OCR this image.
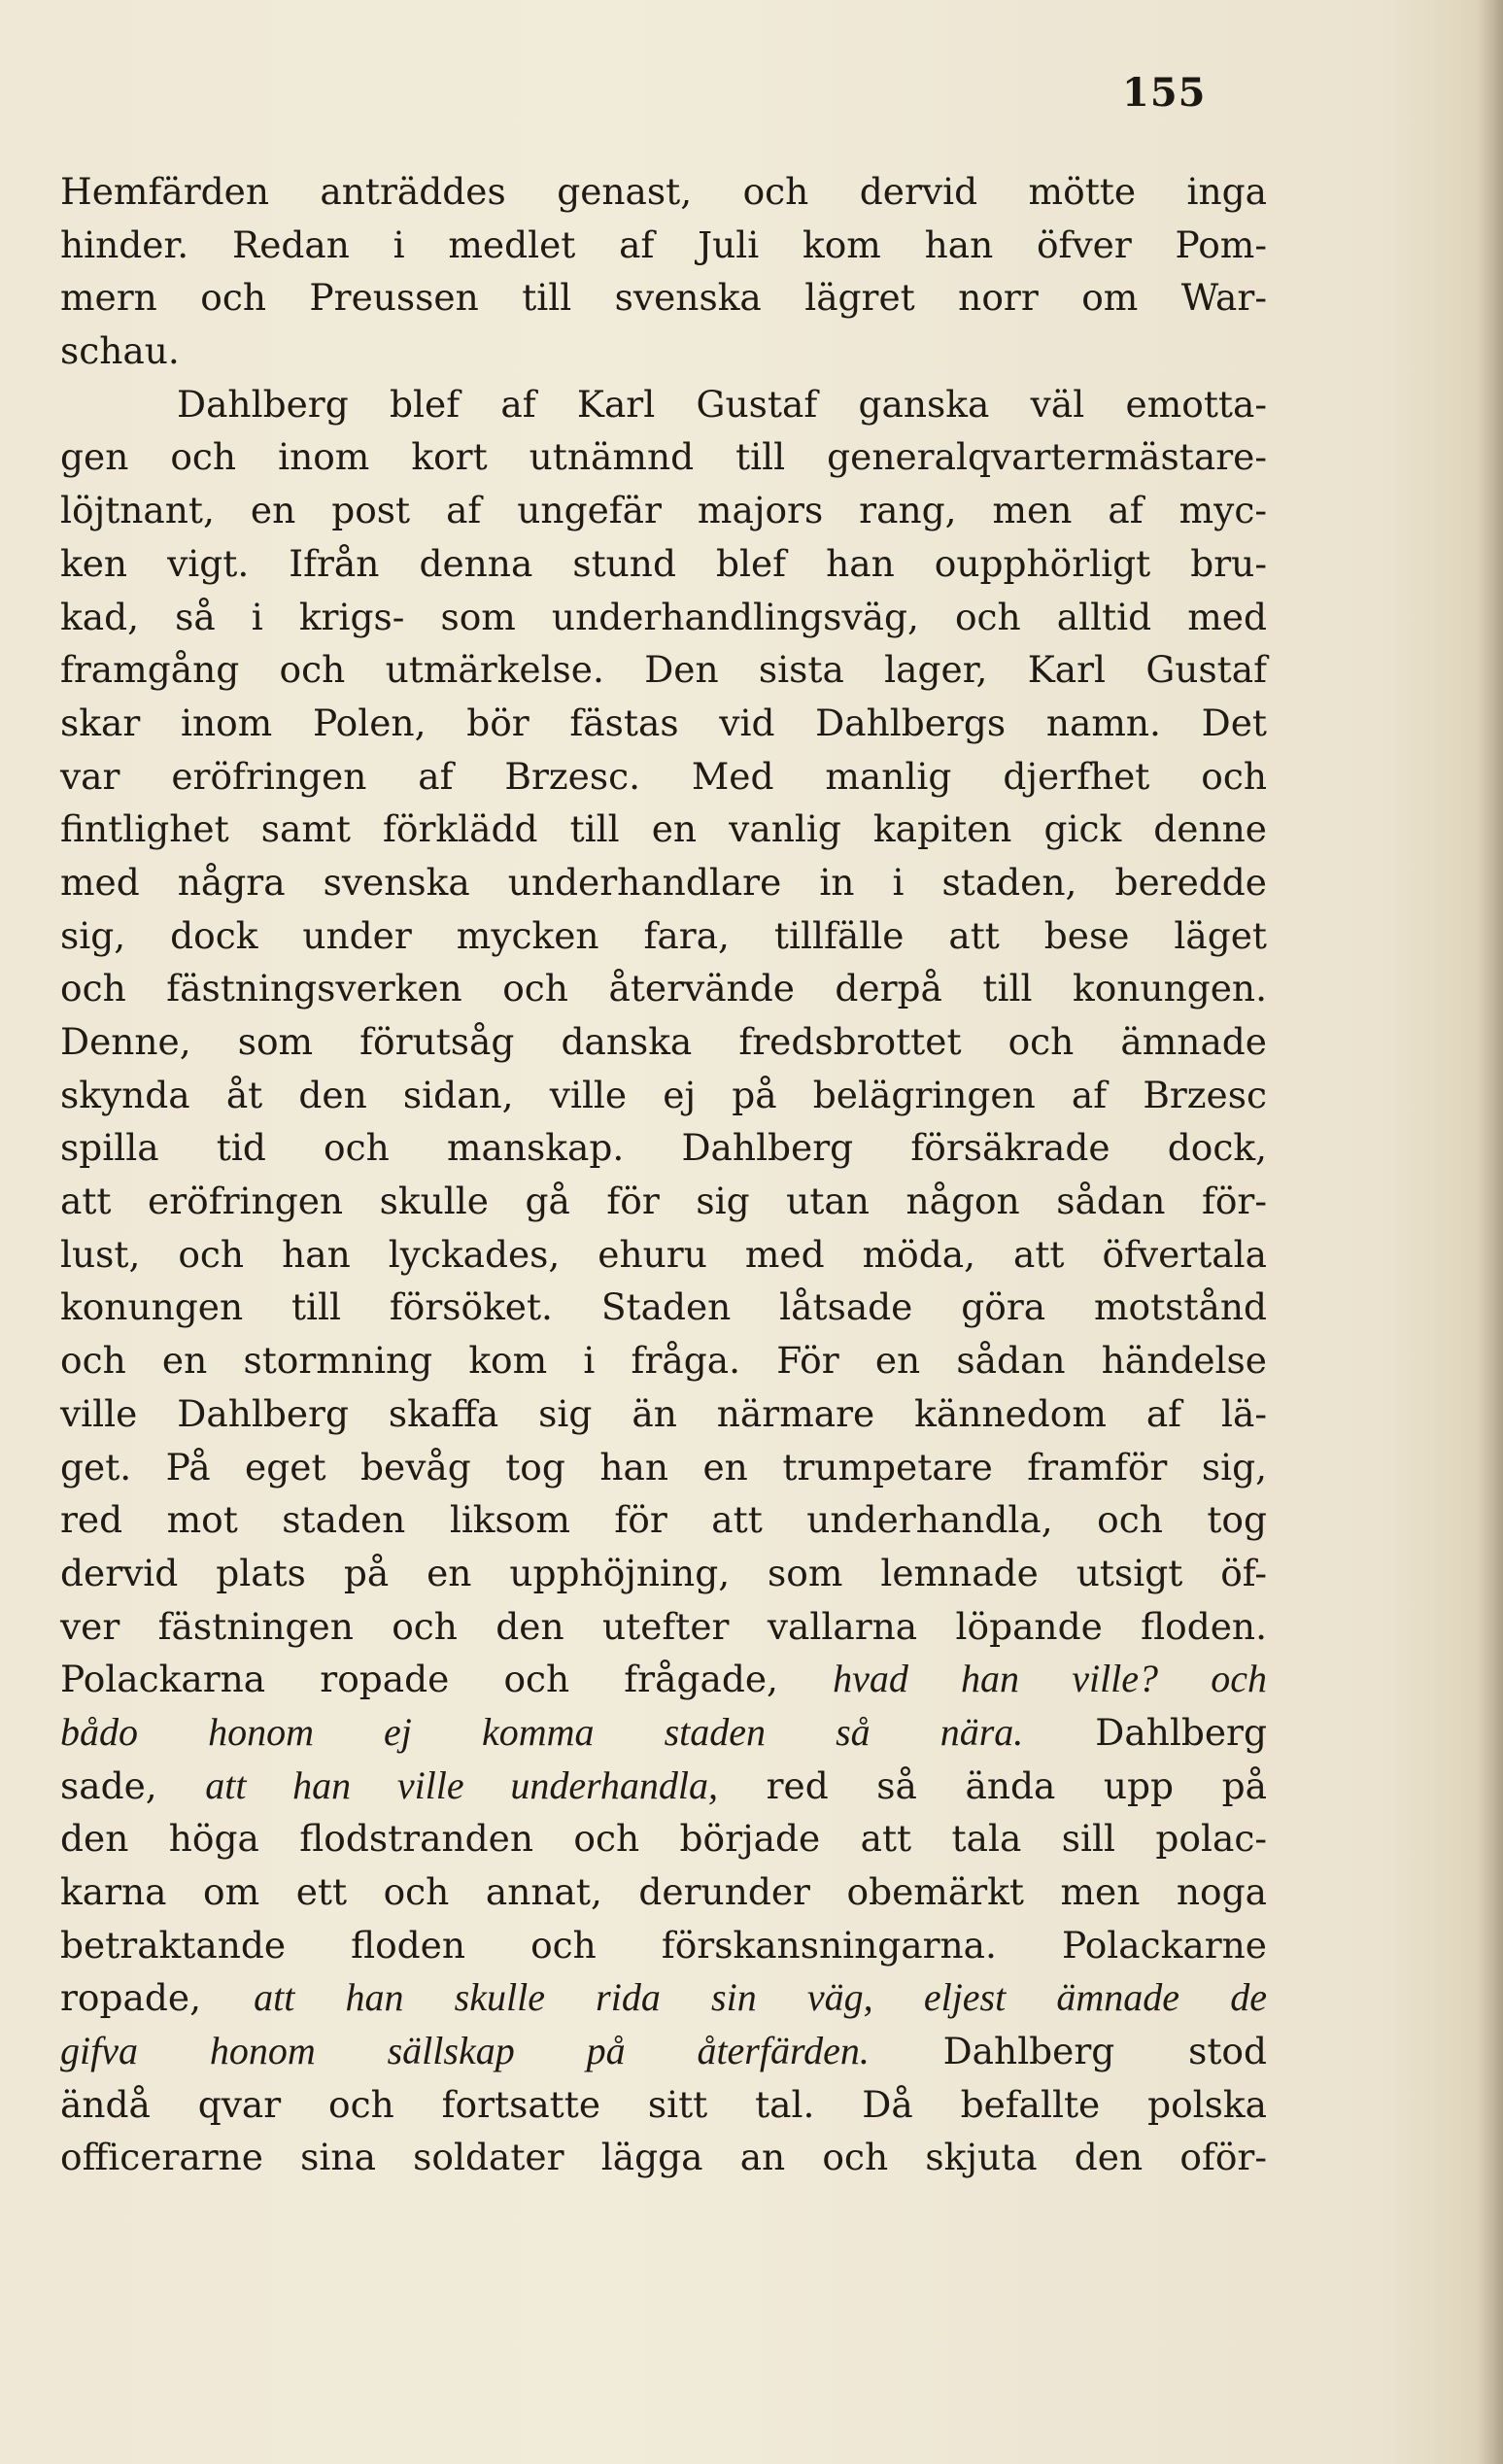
155
Hemfärden anträddes genast, och dervid mötte inga
hinder. Redan i medlet af Juli kom han öfver Pom-
mern och Preussen till svenska lägret norr om War-
schau.
Dahlberg blef af Karl Gustaf ganska väl emotta-
gen och inom kort utnämnd till generalqvartermästare-
löjtnant, en post af ungefär majors rang, men af myc-
ken vigt. Ifrån denna stund blef han oupphörligt bru-
kad, så i krigs- som underhandlingsväg, och alltid med
framgång och utmärkelse. Den sista lager, Karl Gustaf
skar inom Polen, bör fästas vid Dahlbergs namn. Det
var eröfringen af Brzesc. Med manlig djerfhet och
fintlighet samt förklädd till en vanlig kapiten gick denne
med några svenska underhandlare in i staden, beredde
sig, dock under mycken fara, tillfälle att bese läget
och fästningsverken och återvände derpå till konungen.
Denne, som förutsåg danska fredsbrottet och ämnade
skynda åt den sidan, ville ej på belägringen af Brzesc
spilla tid och manskap. Dahlberg försäkrade dock,
att eröfringen skulle gå för sig utan någon sådan för-
lust, och han lyckades, ehuru med möda, att öfvertala
konungen till försöket. Staden låtsade göra motstånd
och en stormning kom i fråga. För en sådan händelse
ville Dahlberg skaffa sig än närmare kännedom af lä-
get. På eget bevåg tog han en trumpetare framför sig,
red mot staden liksom för att underhandla, och tog
dervid plats på en upphöjning, som lemnade utsigt öf-
ver fästningen och den utefter vallarna löpande floden.
Polackarna ropade och frågade, hvad han ville? och
bådo honom ej komma staden så nära. Dahlberg
sade, att han ville underhandla, red så ända upp på
den höga flodstranden och började att tala sill polac-
karna om ett och annat, derunder obemärkt men noga
betraktande floden och förskansningarna. Polackarne
ropade, att han skulle rida sin väg, eljest ämnade de
gifva honom sällskap på återfärden. Dahlberg stod
ändå qvar och fortsatte sitt tal. Då befallte polska
officerarne sina soldater lägga an och skjuta den oför-
